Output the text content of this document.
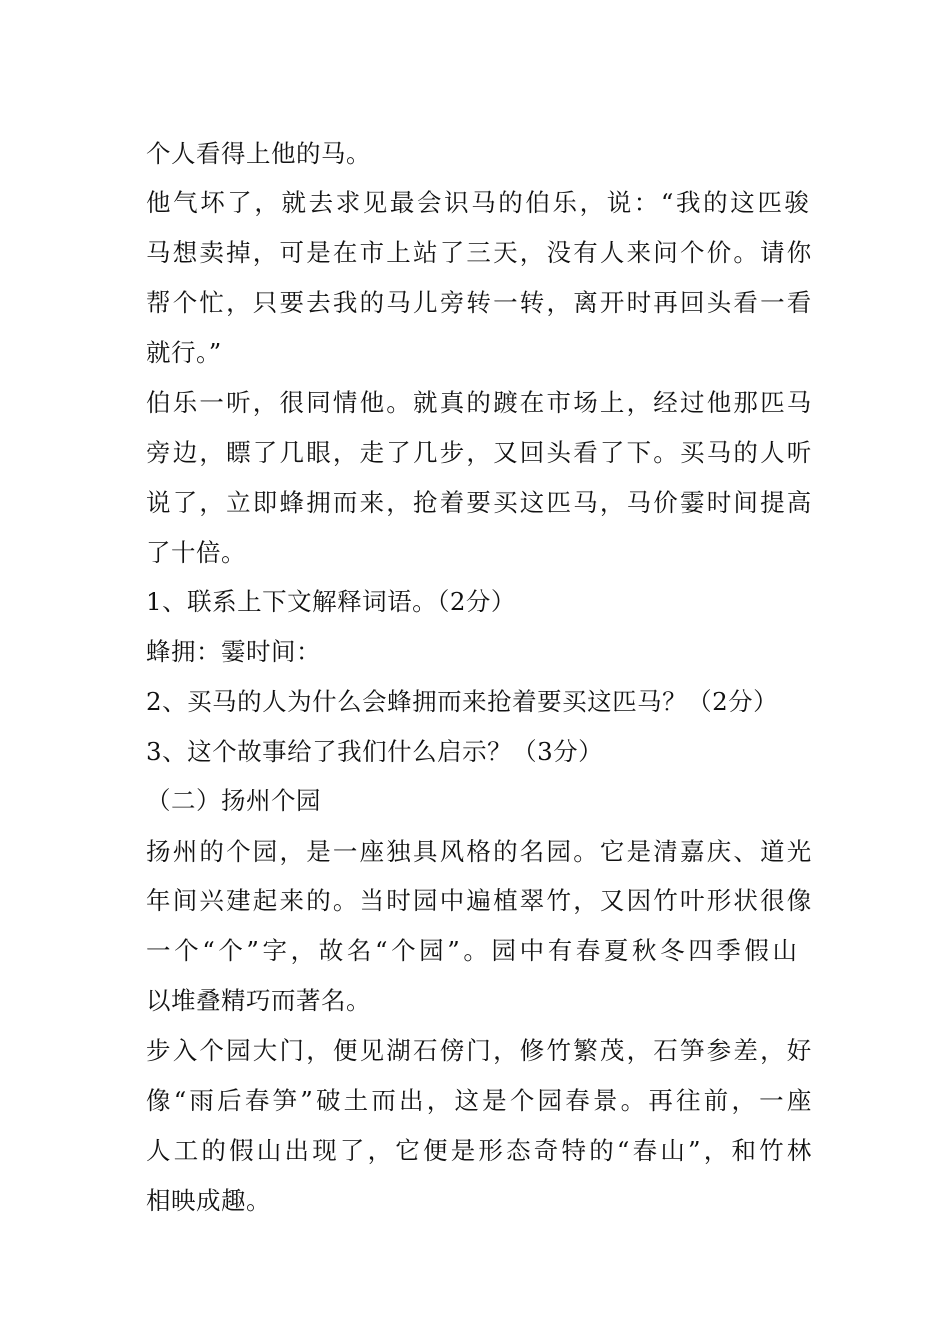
个人看得上他的马。
他气坏了，就去求见最会识马的伯乐，说：“我的这匹骏
马想卖掉，可是在市上站了三天，没有人来问个价。请你
帮个忙，只要去我的马儿旁转一转，离开时再回头看一看
就行。”
伯乐一听，很同情他。就真的踱在市场上，经过他那匹马
旁边，瞟了几眼，走了几步，又回头看了下。买马的人听
说了，立即蜂拥而来，抢着要买这匹马，马价霎时间提高
了十倍。
1、联系上下文解释词语。（2分）
蜂拥：霎时间：
2、买马的人为什么会蜂拥而来抢着要买这匹马？（2分）
3、这个故事给了我们什么启示？（3分）
（二）扬州个园
扬州的个园，是一座独具风格的名园。它是清嘉庆、道光
年间兴建起来的。当时园中遍植翠竹，又因竹叶形状很像
一个“个”字，故名“个园”。园中有春夏秋冬四季假山
以堆叠精巧而著名。
步入个园大门，便见湖石傍门，修竹繁茂，石笋参差，好
像“雨后春笋”破土而出，这是个园春景。再往前，一座
人工的假山出现了，它便是形态奇特的“春山”，和竹林
相映成趣。
